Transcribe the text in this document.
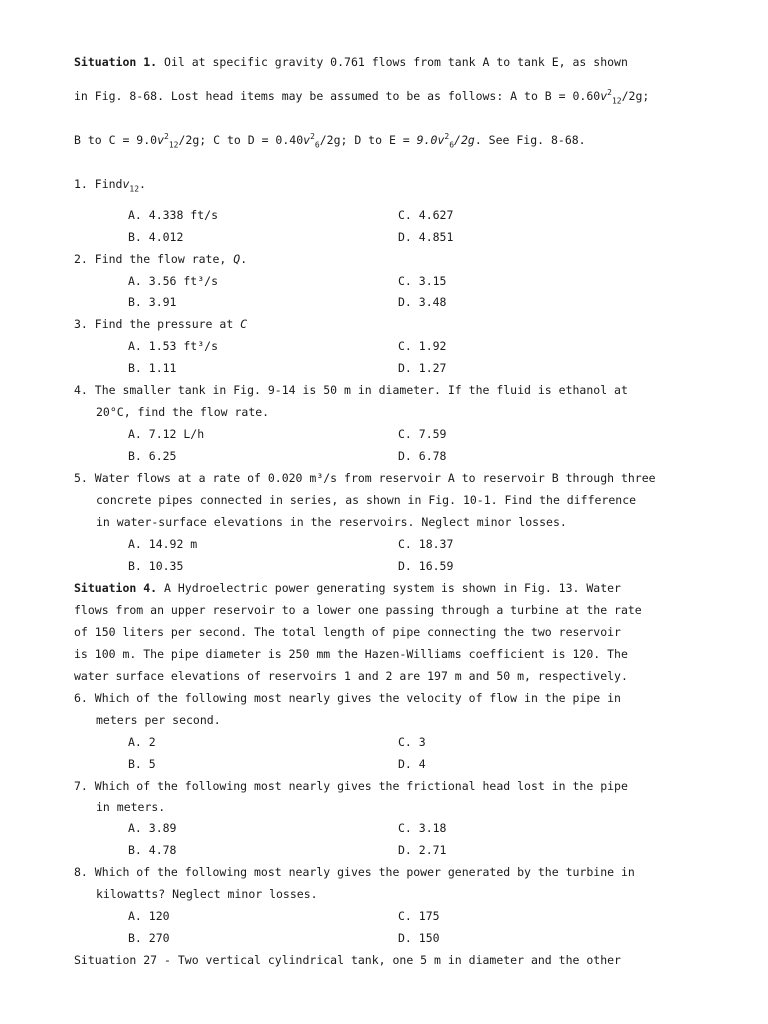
Situation 1. Oil at specific gravity 0.761 flows from tank A to tank E, as shown
in Fig. 8-68. Lost head items may be assumed to be as follows: A to $B = 0.60v^2_{12}/2g$;
B to $C = 9.0v^2_{12}/2g$; C to $D = 0.40v^2_6/2g$; D to $E = 9.0v^2_6/2g$. See Fig. 8-68.
1. Findv$_{12}$.
A. 4.338 ft/s	C. 4.627
B. 4.012	D. 4.851
2. Find the flow rate, Q.
A. 3.56 ft³/s	C. 3.15
B. 3.91	D. 3.48
3. Find the pressure at C
A. 1.53 ft³/s	C. 1.92
B. 1.11	D. 1.27
4. The smaller tank in Fig. 9-14 is 50 m in diameter. If the fluid is ethanol at
20°C, find the flow rate.
A. 7.12 L/h	C. 7.59
B. 6.25	D. 6.78
5. Water flows at a rate of 0.020 m³/s from reservoir A to reservoir B through three
concrete pipes connected in series, as shown in Fig. 10-1. Find the difference
in water-surface elevations in the reservoirs. Neglect minor losses.
A. 14.92 m	C. 18.37
B. 10.35	D. 16.59
Situation 4. A Hydroelectric power generating system is shown in Fig. 13. Water
flows from an upper reservoir to a lower one passing through a turbine at the rate
of 150 liters per second. The total length of pipe connecting the two reservoir
is 100 m. The pipe diameter is 250 mm the Hazen-Williams coefficient is 120. The
water surface elevations of reservoirs 1 and 2 are 197 m and 50 m, respectively.
6. Which of the following most nearly gives the velocity of flow in the pipe in
meters per second.
A. 2	C. 3
B. 5	D. 4
7. Which of the following most nearly gives the frictional head lost in the pipe
in meters.
A. 3.89	C. 3.18
B. 4.78	D. 2.71
8. Which of the following most nearly gives the power generated by the turbine in
kilowatts? Neglect minor losses.
A. 120	C. 175
B. 270	D. 150
Situation 27 - Two vertical cylindrical tank, one 5 m in diameter and the other
